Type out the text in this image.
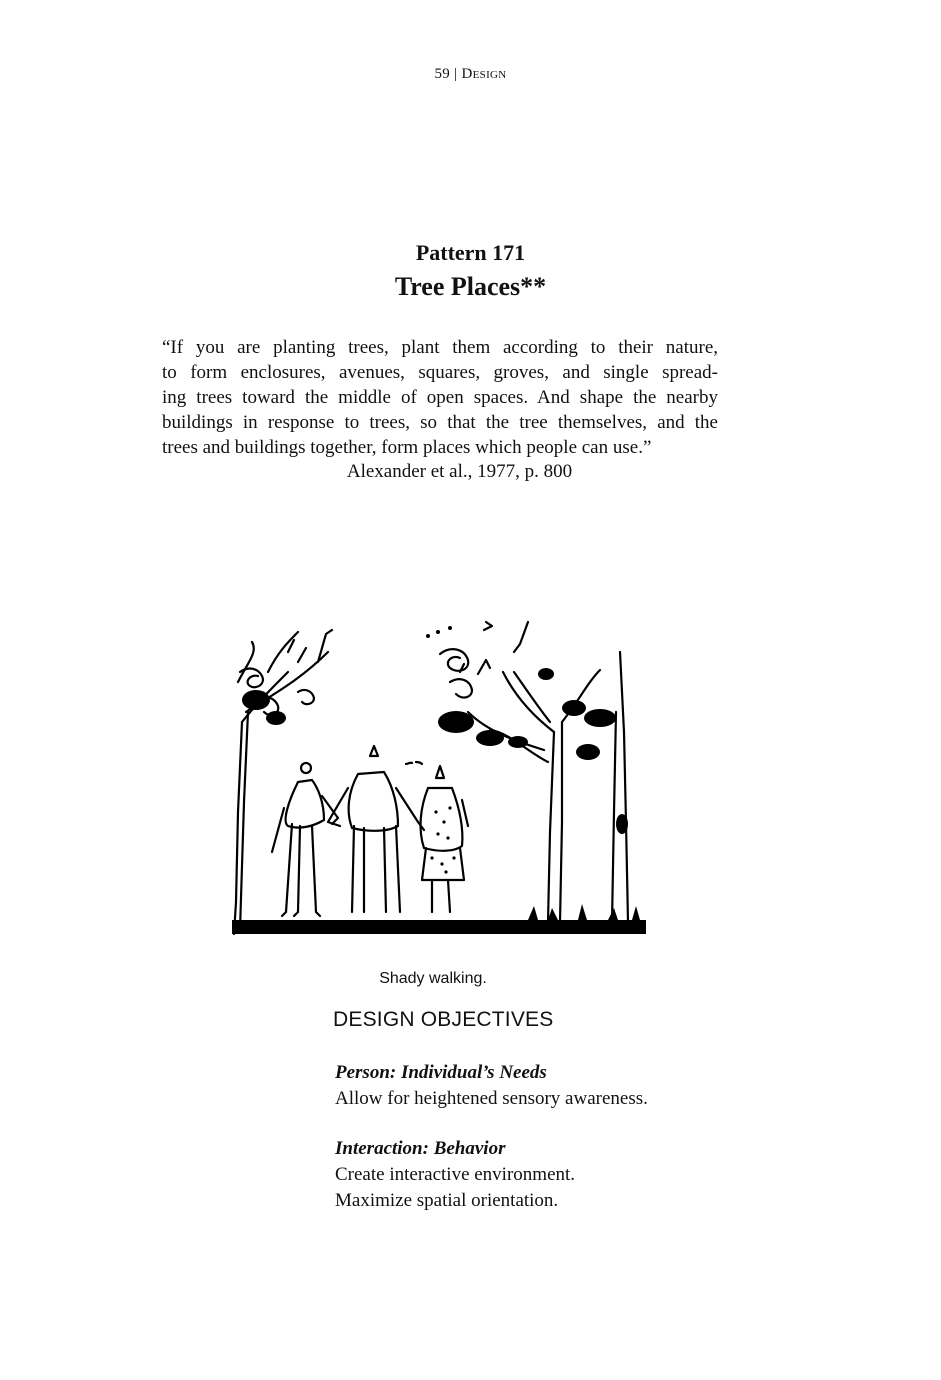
59 | Design
Pattern 171
Tree Places**
“If you are planting trees, plant them according to their nature,
to form enclosures, avenues, squares, groves, and single spread-
ing trees toward the middle of open spaces. And shape the nearby
buildings in response to trees, so that the tree themselves, and the
trees and buildings together, form places which people can use.”
Alexander et al., 1977, p. 800
Shady walking.
DESIGN OBJECTIVES
Person: Individual’s Needs
Allow for heightened sensory awareness.
Interaction: Behavior
Create interactive environment.
Maximize spatial orientation.
